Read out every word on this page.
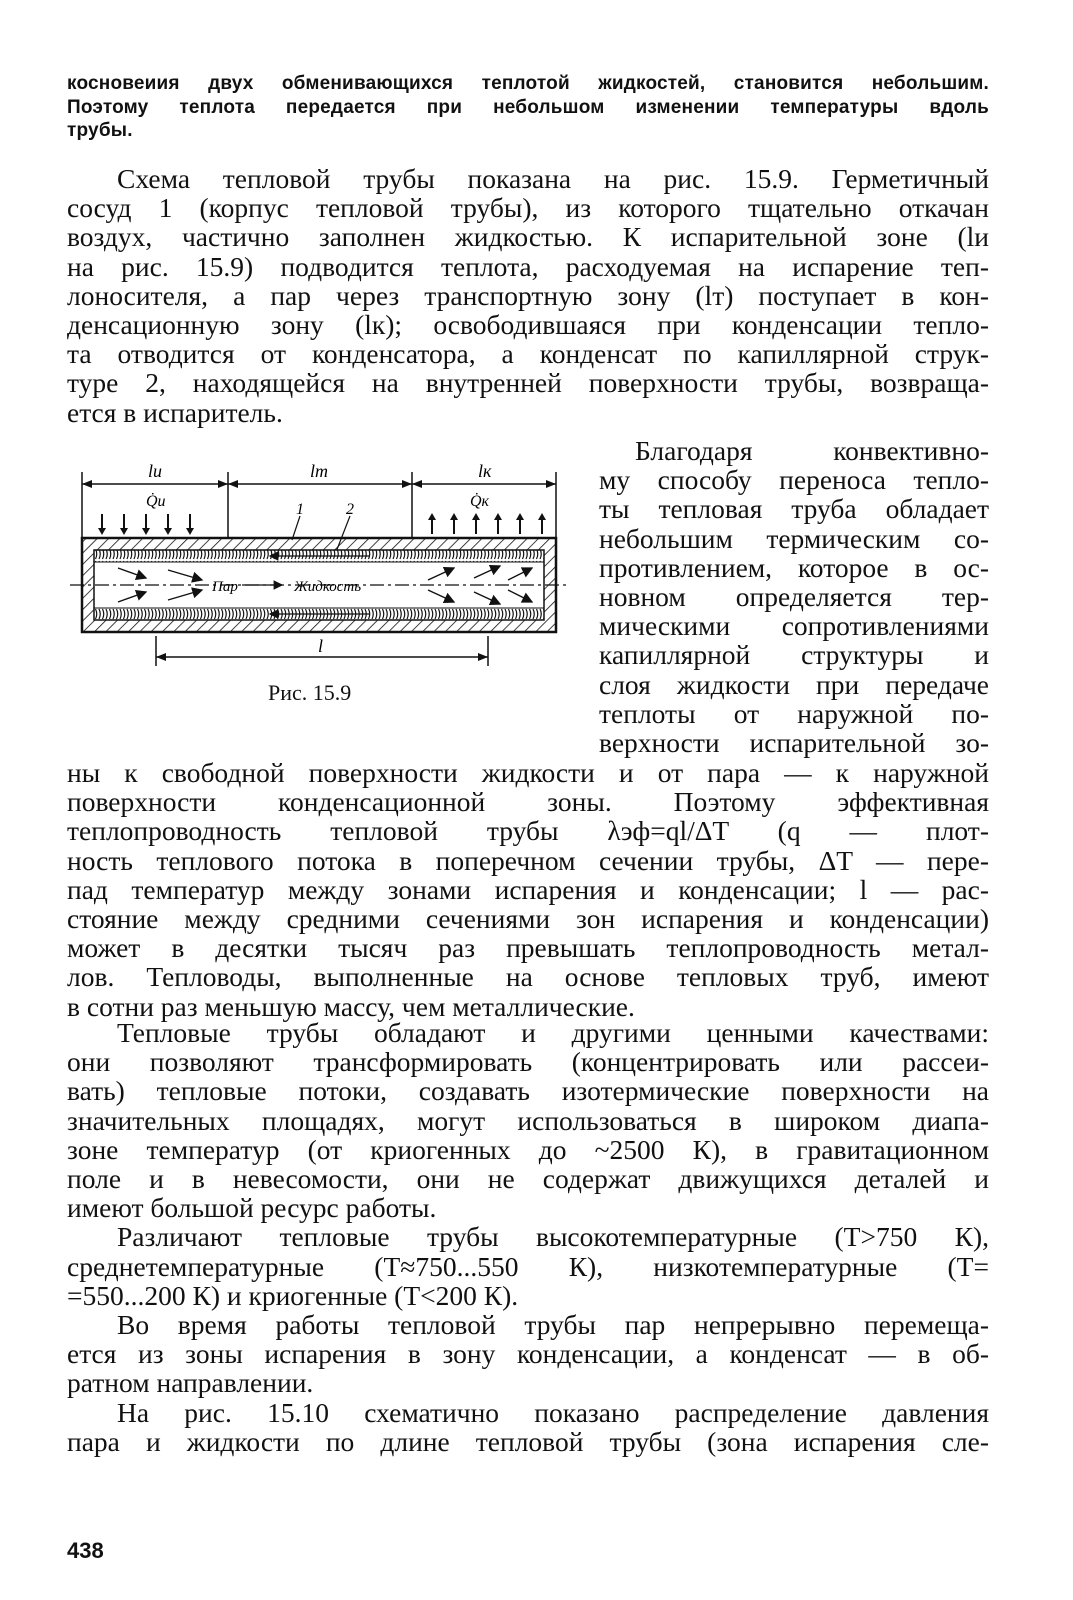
косновеиия двух обменивающихся теплотой жидкостей, становится небольшим.
Поэтому теплота передается при небольшом изменении температуры вдоль
трубы.
Схема тепловой трубы показана на рис. 15.9. Герметичный
сосуд 1 (корпус тепловой трубы), из которого тщательно откачан
воздух, частично заполнен жидкостью. К испарительной зоне (lи
на рис. 15.9) подводится теплота, расходуемая на испарение теп-
лоносителя, а пар через транспортную зону (lт) поступает в кон-
денсационную зону (lк); освободившаяся при конденсации тепло-
та отводится от конденсатора, а конденсат по капиллярной струк-
туре 2, находящейся на внутренней поверхности трубы, возвраща-
ется в испаритель.
Благодаря конвективно-
му способу переноса тепло-
ты тепловая труба обладает
небольшим термическим со-
противлением, которое в ос-
новном определяется тер-
мическими сопротивлениями
капиллярной структуры и
слоя жидкости при передаче
теплоты от наружной по-
верхности испарительной зо-
lu	lт	lк
Q̇u	Q̇к
1	2
Пар	Жидкость
l
Рис. 15.9
ны к свободной поверхности жидкости и от пара — к наружной
поверхности конденсационной зоны. Поэтому эффективная
теплопроводность тепловой трубы λэф=ql/ΔT (q — плот-
ность теплового потока в поперечном сечении трубы, ΔT — пере-
пад температур между зонами испарения и конденсации; l — рас-
стояние между средними сечениями зон испарения и конденсации)
может в десятки тысяч раз превышать теплопроводность метал-
лов. Тепловоды, выполненные на основе тепловых труб, имеют
в сотни раз меньшую массу, чем металлические.
Тепловые трубы обладают и другими ценными качествами:
они позволяют трансформировать (концентрировать или рассеи-
вать) тепловые потоки, создавать изотермические поверхности на
значительных площадях, могут использоваться в широком диапа-
зоне температур (от криогенных до ~2500 К), в гравитационном
поле и в невесомости, они не содержат движущихся деталей и
имеют большой ресурс работы.
Различают тепловые трубы высокотемпературные (T>750 К),
среднетемпературные (T≈750...550 К), низкотемпературные (T=
=550...200 К) и криогенные (T<200 К).
Во время работы тепловой трубы пар непрерывно перемеща-
ется из зоны испарения в зону конденсации, а конденсат — в об-
ратном направлении.
На рис. 15.10 схематично показано распределение давления
пара и жидкости по длине тепловой трубы (зона испарения сле-
438
